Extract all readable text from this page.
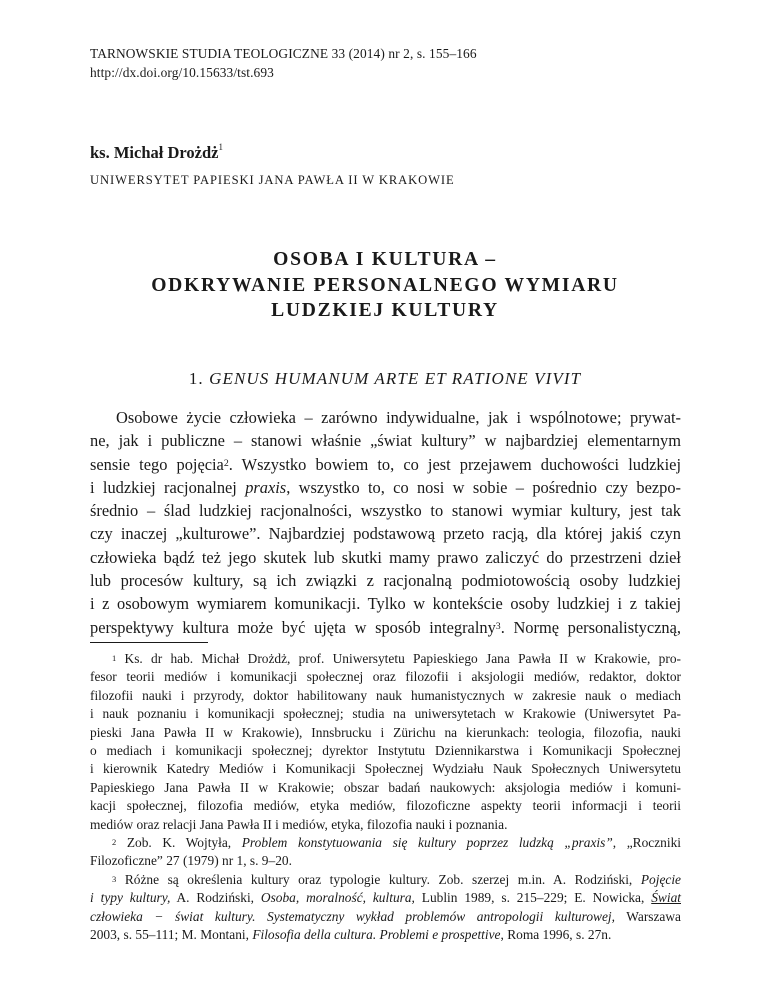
TARNOWSKIE STUDIA TEOLOGICZNE 33 (2014) nr 2, s. 155–166
http://dx.doi.org/10.15633/tst.693
ks. Michał Drożdż$^1$
UNIWERSYTET PAPIESKI JANA PAWŁA II W KRAKOWIE
OSOBA I KULTURA –
ODKRYWANIE PERSONALNEGO WYMIARU
LUDZKIEJ KULTURY
1. GENUS HUMANUM ARTE ET RATIONE VIVIT
Osobowe życie człowieka – zarówno indywidualne, jak i wspólnotowe; prywat-
ne, jak i publiczne – stanowi właśnie „świat kultury” w najbardziej elementarnym
sensie tego pojęcia$^2$. Wszystko bowiem to, co jest przejawem duchowości ludzkiej
i ludzkiej racjonalnej praxis, wszystko to, co nosi w sobie – pośrednio czy bezpo-
średnio – ślad ludzkiej racjonalności, wszystko to stanowi wymiar kultury, jest tak
czy inaczej „kulturowe”. Najbardziej podstawową przeto racją, dla której jakiś czyn
człowieka bądź też jego skutek lub skutki mamy prawo zaliczyć do przestrzeni dzieł
lub procesów kultury, są ich związki z racjonalną podmiotowością osoby ludzkiej
i z osobowym wymiarem komunikacji. Tylko w kontekście osoby ludzkiej i z takiej
perspektywy kultura może być ujęta w sposób integralny$^3$. Normę personalistyczną,
$^1$ Ks. dr hab. Michał Drożdż, prof. Uniwersytetu Papieskiego Jana Pawła II w Krakowie, pro-
fesor teorii mediów i komunikacji społecznej oraz filozofii i aksjologii mediów, redaktor, doktor
filozofii nauki i przyrody, doktor habilitowany nauk humanistycznych w zakresie nauk o mediach
i nauk poznaniu i komunikacji społecznej; studia na uniwersytetach w Krakowie (Uniwersytet Pa-
pieski Jana Pawła II w Krakowie), Innsbrucku i Zürichu na kierunkach: teologia, filozofia, nauki
o mediach i komunikacji społecznej; dyrektor Instytutu Dziennikarstwa i Komunikacji Społecznej
i kierownik Katedry Mediów i Komunikacji Społecznej Wydziału Nauk Społecznych Uniwersytetu
Papieskiego Jana Pawła II w Krakowie; obszar badań naukowych: aksjologia mediów i komuni-
kacji społecznej, filozofia mediów, etyka mediów, filozoficzne aspekty teorii informacji i teorii
mediów oraz relacji Jana Pawła II i mediów, etyka, filozofia nauki i poznania.
$^2$ Zob. K. Wojtyła, Problem konstytuowania się kultury poprzez ludzką „praxis”, „Roczniki
Filozoficzne” 27 (1979) nr 1, s. 9–20.
$^3$ Różne są określenia kultury oraz typologie kultury. Zob. szerzej m.in. A. Rodziński, Pojęcie
i typy kultury, A. Rodziński, Osoba, moralność, kultura, Lublin 1989, s. 215–229; E. Nowicka, Świat
człowieka − świat kultury. Systematyczny wykład problemów antropologii kulturowej, Warszawa
2003, s. 55–111; M. Montani, Filosofia della cultura. Problemi e prospettive, Roma 1996, s. 27n.
